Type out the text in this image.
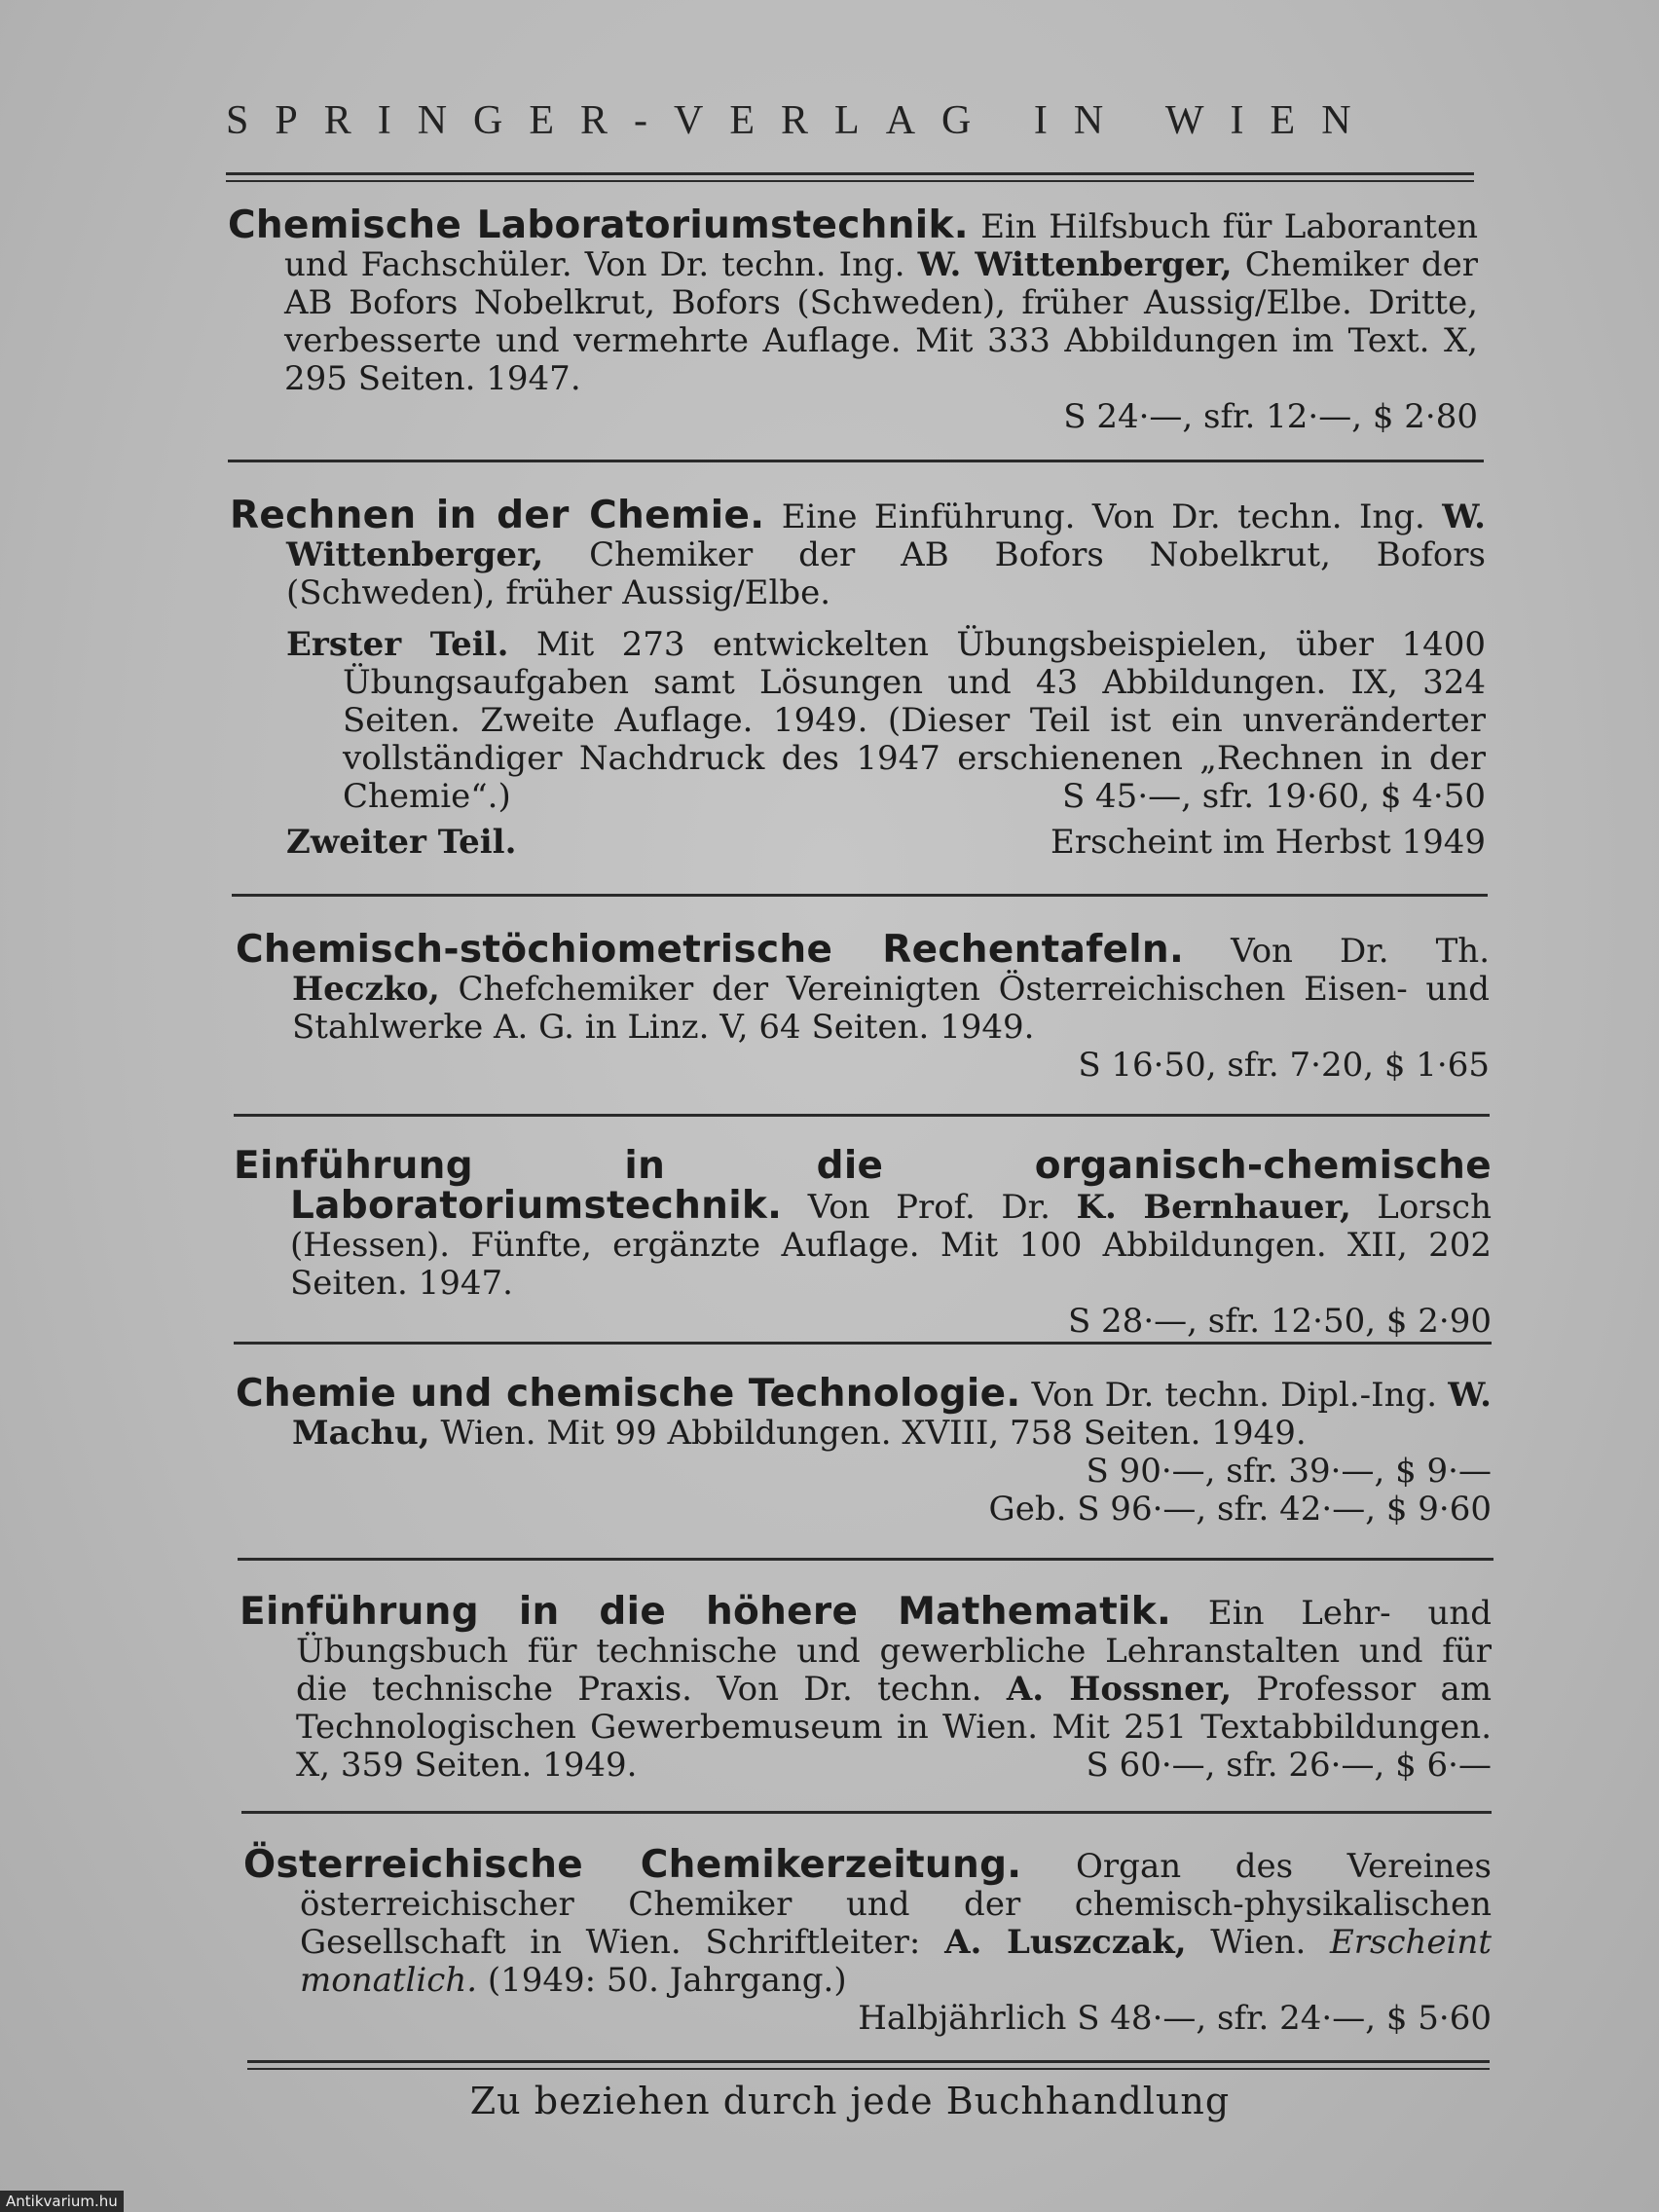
SPRINGER-VERLAG IN WIEN
Chemische Laboratoriumstechnik. Ein Hilfsbuch für Laboranten und Fachschüler. Von Dr. techn. Ing. W. Wittenberger, Chemiker der AB Bofors Nobelkrut, Bofors (Schweden), früher Aussig/Elbe. Dritte, verbesserte und vermehrte Auflage. Mit 333 Abbildungen im Text. X, 295 Seiten. 1947.
S 24·—, sfr. 12·—, $ 2·80
Rechnen in der Chemie. Eine Einführung. Von Dr. techn. Ing. W. Wittenberger, Chemiker der AB Bofors Nobelkrut, Bofors (Schweden), früher Aussig/Elbe.
Erster Teil. Mit 273 entwickelten Übungsbeispielen, über 1400 Übungsaufgaben samt Lösungen und 43 Abbildungen. IX, 324 Seiten. Zweite Auflage. 1949. (Dieser Teil ist ein unveränderter vollständiger Nachdruck des 1947 erschienenen „Rechnen in der Chemie“.)	S 45·—, sfr. 19·60, $ 4·50
Zweiter Teil.	Erscheint im Herbst 1949
Chemisch-stöchiometrische Rechentafeln. Von Dr. Th. Heczko, Chefchemiker der Vereinigten Österreichischen Eisen- und Stahlwerke A. G. in Linz. V, 64 Seiten. 1949.
S 16·50, sfr. 7·20, $ 1·65
Einführung in die organisch-chemische Laboratoriumstechnik. Von Prof. Dr. K. Bernhauer, Lorsch (Hessen). Fünfte, ergänzte Auflage. Mit 100 Abbildungen. XII, 202 Seiten. 1947.
S 28·—, sfr. 12·50, $ 2·90
Chemie und chemische Technologie. Von Dr. techn. Dipl.-Ing. W. Machu, Wien. Mit 99 Abbildungen. XVIII, 758 Seiten. 1949.
S 90·—, sfr. 39·—, $ 9·—
Geb. S 96·—, sfr. 42·—, $ 9·60
Einführung in die höhere Mathematik. Ein Lehr- und Übungsbuch für technische und gewerbliche Lehranstalten und für die technische Praxis. Von Dr. techn. A. Hossner, Professor am Technologischen Gewerbemuseum in Wien. Mit 251 Textabbildungen. X, 359 Seiten. 1949.	S 60·—, sfr. 26·—, $ 6·—
Österreichische Chemikerzeitung. Organ des Vereines österreichischer Chemiker und der chemisch-physikalischen Gesellschaft in Wien. Schriftleiter: A. Luszczak, Wien. Erscheint monatlich. (1949: 50. Jahrgang.)
Halbjährlich S 48·—, sfr. 24·—, $ 5·60
Zu beziehen durch jede Buchhandlung
Antikvarium.hu
